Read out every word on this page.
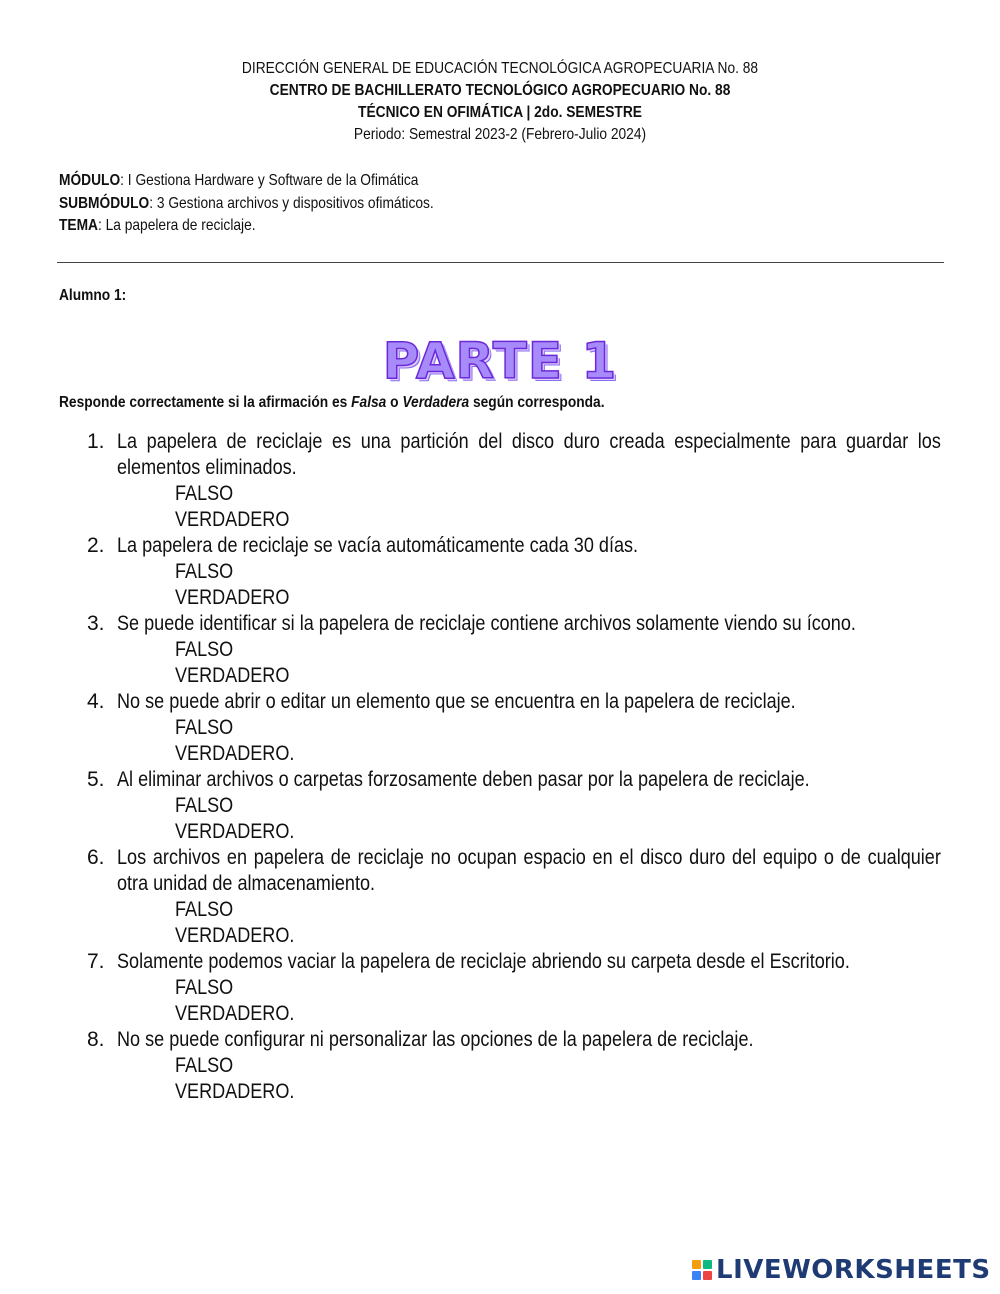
DIRECCIÓN GENERAL DE EDUCACIÓN TECNOLÓGICA AGROPECUARIA No. 88
CENTRO DE BACHILLERATO TECNOLÓGICO AGROPECUARIO No. 88
TÉCNICO EN OFIMÁTICA | 2do. SEMESTRE
Periodo: Semestral 2023-2 (Febrero-Julio 2024)
MÓDULO: I Gestiona Hardware y Software de la Ofimática
SUBMÓDULO: 3 Gestiona archivos y dispositivos ofimáticos.
TEMA: La papelera de reciclaje.
Alumno 1:
PARTE 1
Responde correctamente si la afirmación es Falsa o Verdadera según corresponda.
1. La papelera de reciclaje es una partición del disco duro creada especialmente para guardar los elementos eliminados.
FALSO
VERDADERO
2. La papelera de reciclaje se vacía automáticamente cada 30 días.
FALSO
VERDADERO
3. Se puede identificar si la papelera de reciclaje contiene archivos solamente viendo su ícono.
FALSO
VERDADERO
4. No se puede abrir o editar un elemento que se encuentra en la papelera de reciclaje.
FALSO
VERDADERO.
5. Al eliminar archivos o carpetas forzosamente deben pasar por la papelera de reciclaje.
FALSO
VERDADERO.
6. Los archivos en papelera de reciclaje no ocupan espacio en el disco duro del equipo o de cualquier otra unidad de almacenamiento.
FALSO
VERDADERO.
7. Solamente podemos vaciar la papelera de reciclaje abriendo su carpeta desde el Escritorio.
FALSO
VERDADERO.
8. No se puede configurar ni personalizar las opciones de la papelera de reciclaje.
FALSO
VERDADERO.
LIVEWORKSHEETS
